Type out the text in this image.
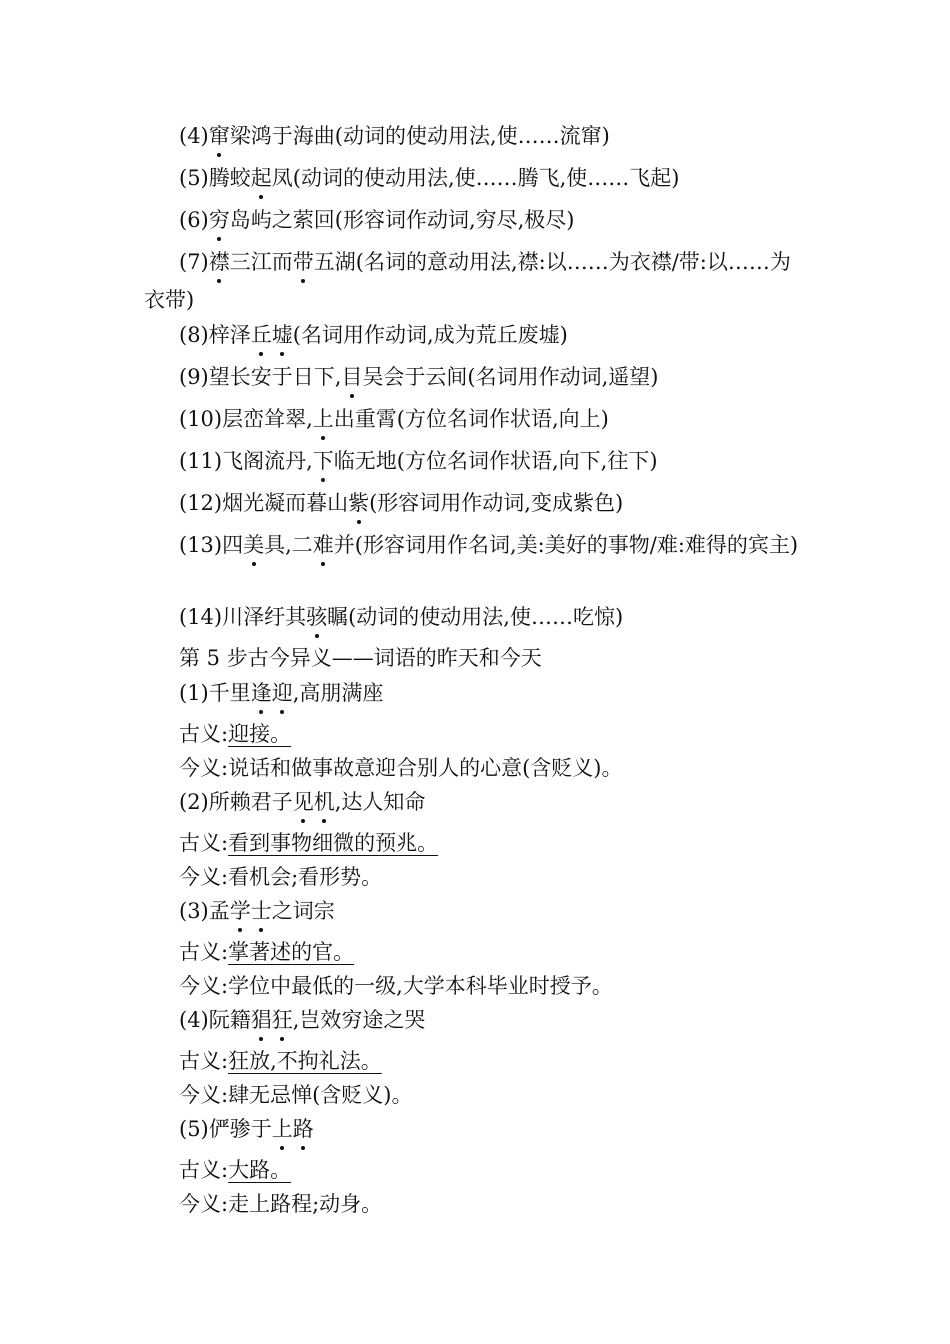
(4)窜梁鸿于海曲(动词的使动用法,使……流窜)
(5)腾蛟起凤(动词的使动用法,使……腾飞,使……飞起)
(6)穷岛屿之萦回(形容词作动词,穷尽,极尽)
(7)襟三江而带五湖(名词的意动用法,襟:以……为衣襟/带:以……为衣带)
(8)梓泽丘墟(名词用作动词,成为荒丘废墟)
(9)望长安于日下,目吴会于云间(名词用作动词,遥望)
(10)层峦耸翠,上出重霄(方位名词作状语,向上)
(11)飞阁流丹,下临无地(方位名词作状语,向下,往下)
(12)烟光凝而暮山紫(形容词用作动词,变成紫色)
(13)四美具,二难并(形容词用作名词,美:美好的事物/难:难得的宾主)
(14)川泽纡其骇瞩(动词的使动用法,使……吃惊)
第 5 步古今异义——词语的昨天和今天
(1)千里逢迎,高朋满座
古义:迎接。
今义:说话和做事故意迎合别人的心意(含贬义)。
(2)所赖君子见机,达人知命
古义:看到事物细微的预兆。
今义:看机会;看形势。
(3)孟学士之词宗
古义:掌著述的官。
今义:学位中最低的一级,大学本科毕业时授予。
(4)阮籍猖狂,岂效穷途之哭
古义:狂放,不拘礼法。
今义:肆无忌惮(含贬义)。
(5)俨骖于上路
古义:大路。
今义:走上路程;动身。
